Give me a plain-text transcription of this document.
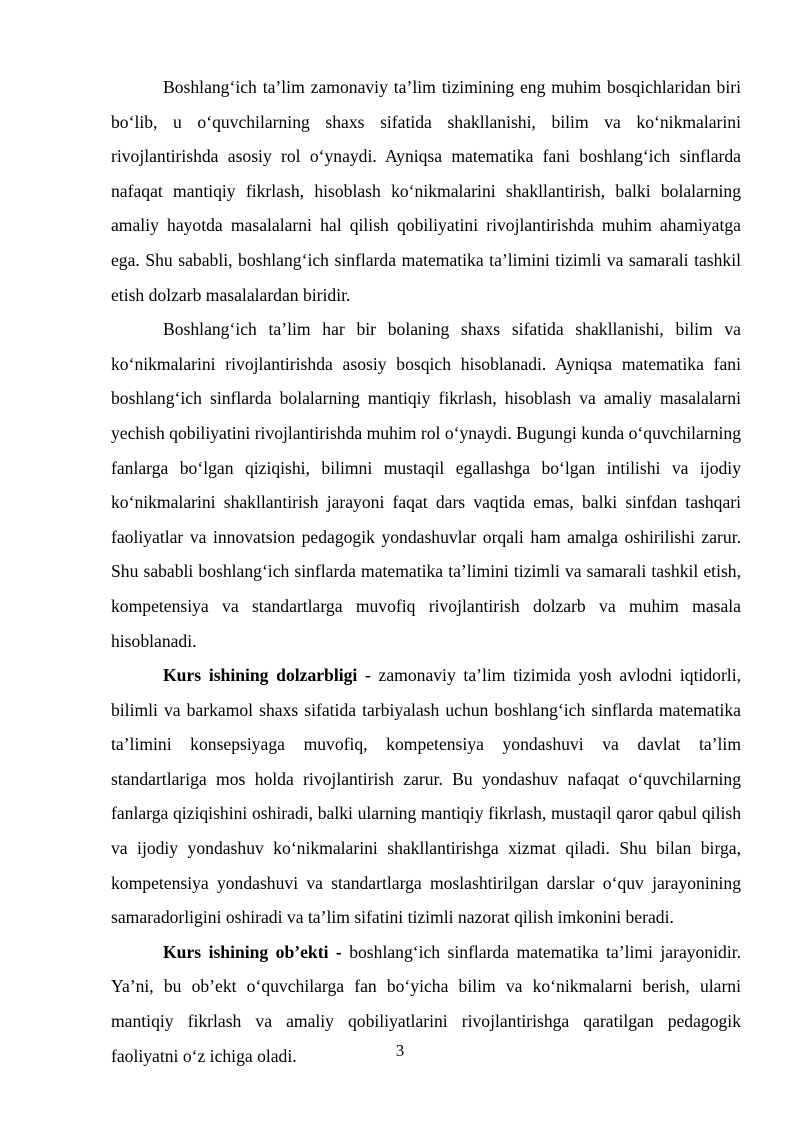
Boshlang‘ich ta’lim zamonaviy ta’lim tizimining eng muhim bosqichlaridan biri bo‘lib, u o‘quvchilarning shaxs sifatida shakllanishi, bilim va ko‘nikmalarini rivojlantirishda asosiy rol o‘ynaydi. Ayniqsa matematika fani boshlang‘ich sinflarda nafaqat mantiqiy fikrlash, hisoblash ko‘nikmalarini shakllantirish, balki bolalarning amaliy hayotda masalalarni hal qilish qobiliyatini rivojlantirishda muhim ahamiyatga ega. Shu sababli, boshlang‘ich sinflarda matematika ta’limini tizimli va samarali tashkil etish dolzarb masalalardan biridir.

Boshlang‘ich ta’lim har bir bolaning shaxs sifatida shakllanishi, bilim va ko‘nikmalarini rivojlantirishda asosiy bosqich hisoblanadi. Ayniqsa matematika fani boshlang‘ich sinflarda bolalarning mantiqiy fikrlash, hisoblash va amaliy masalalarni yechish qobiliyatini rivojlantirishda muhim rol o‘ynaydi. Bugungi kunda o‘quvchilarning fanlarga bo‘lgan qiziqishi, bilimni mustaqil egallashga bo‘lgan intilishi va ijodiy ko‘nikmalarini shakllantirish jarayoni faqat dars vaqtida emas, balki sinfdan tashqari faoliyatlar va innovatsion pedagogik yondashuvlar orqali ham amalga oshirilishi zarur. Shu sababli boshlang‘ich sinflarda matematika ta’limini tizimli va samarali tashkil etish, kompetensiya va standartlarga muvofiq rivojlantirish dolzarb va muhim masala hisoblanadi.

Kurs ishining dolzarbligi - zamonaviy ta’lim tizimida yosh avlodni iqtidorli, bilimli va barkamol shaxs sifatida tarbiyalash uchun boshlang‘ich sinflarda matematika ta’limini konsepsiyaga muvofiq, kompetensiya yondashuvi va davlat ta’lim standartlariga mos holda rivojlantirish zarur. Bu yondashuv nafaqat o‘quvchilarning fanlarga qiziqishini oshiradi, balki ularning mantiqiy fikrlash, mustaqil qaror qabul qilish va ijodiy yondashuv ko‘nikmalarini shakllantirishga xizmat qiladi. Shu bilan birga, kompetensiya yondashuvi va standartlarga moslashtirilgan darslar o‘quv jarayonining samaradorligini oshiradi va ta’lim sifatini tizimli nazorat qilish imkonini beradi.

Kurs ishining ob’ekti - boshlang‘ich sinflarda matematika ta’limi jarayonidir. Ya’ni, bu ob’ekt o‘quvchilarga fan bo‘yicha bilim va ko‘nikmalarni berish, ularni mantiqiy fikrlash va amaliy qobiliyatlarini rivojlantirishga qaratilgan pedagogik faoliyatni o‘z ichiga oladi.	3
